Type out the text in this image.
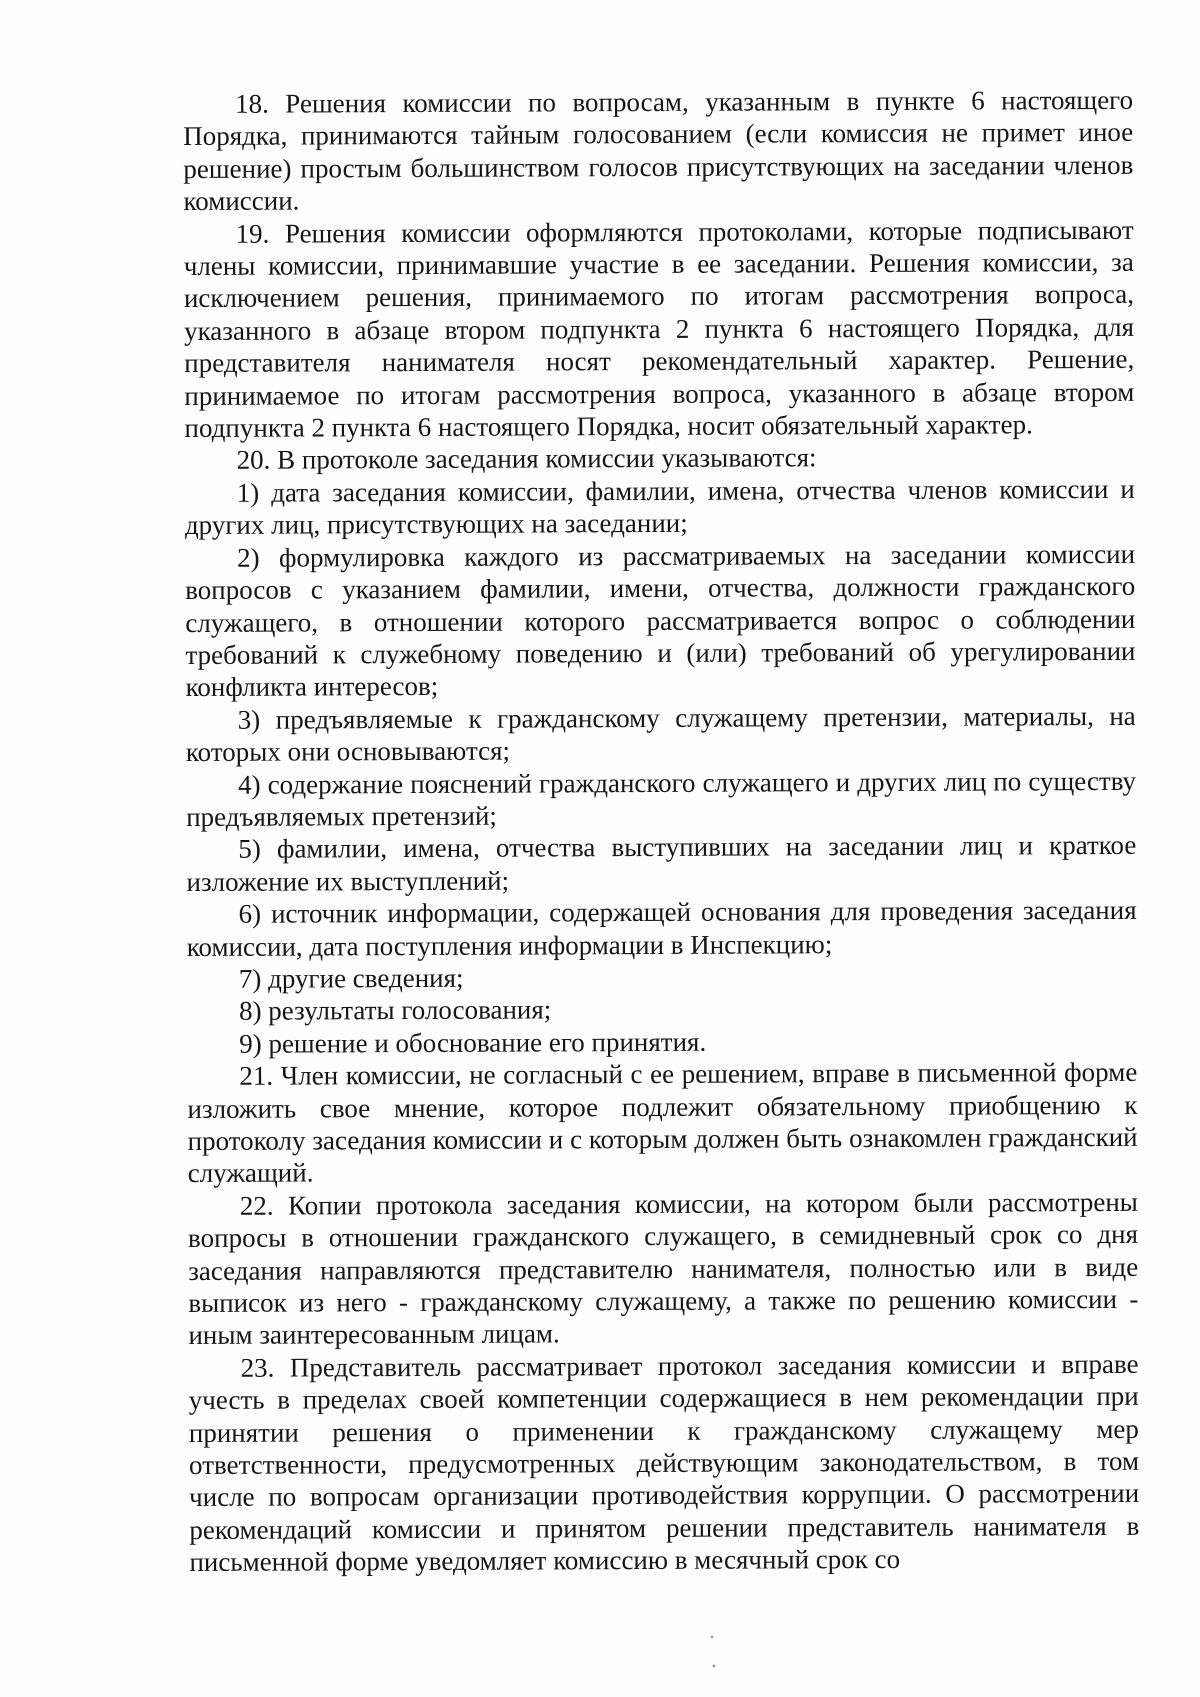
18. Решения комиссии по вопросам, указанным в пункте 6 настоящего Порядка, принимаются тайным голосованием (если комиссия не примет иное решение) простым большинством голосов присутствующих на заседании членов комиссии.

19. Решения комиссии оформляются протоколами, которые подписывают члены комиссии, принимавшие участие в ее заседании. Решения комиссии, за исключением решения, принимаемого по итогам рассмотрения вопроса, указанного в абзаце втором подпункта 2 пункта 6 настоящего Порядка, для представителя нанимателя носят рекомендательный характер. Решение, принимаемое по итогам рассмотрения вопроса, указанного в абзаце втором подпункта 2 пункта 6 настоящего Порядка, носит обязательный характер.

20. В протоколе заседания комиссии указываются:

1) дата заседания комиссии, фамилии, имена, отчества членов комиссии и других лиц, присутствующих на заседании;

2) формулировка каждого из рассматриваемых на заседании комиссии вопросов с указанием фамилии, имени, отчества, должности гражданского служащего, в отношении которого рассматривается вопрос о соблюдении требований к служебному поведению и (или) требований об урегулировании конфликта интересов;

3) предъявляемые к гражданскому служащему претензии, материалы, на которых они основываются;

4) содержание пояснений гражданского служащего и других лиц по существу предъявляемых претензий;

5) фамилии, имена, отчества выступивших на заседании лиц и краткое изложение их выступлений;

6) источник информации, содержащей основания для проведения заседания комиссии, дата поступления информации в Инспекцию;

7) другие сведения;

8) результаты голосования;

9) решение и обоснование его принятия.

21. Член комиссии, не согласный с ее решением, вправе в письменной форме изложить свое мнение, которое подлежит обязательному приобщению к протоколу заседания комиссии и с которым должен быть ознакомлен гражданский служащий.

22. Копии протокола заседания комиссии, на котором были рассмотрены вопросы в отношении гражданского служащего, в семидневный срок со дня заседания направляются представителю нанимателя, полностью или в виде выписок из него - гражданскому служащему, а также по решению комиссии - иным заинтересованным лицам.

23. Представитель рассматривает протокол заседания комиссии и вправе учесть в пределах своей компетенции содержащиеся в нем рекомендации при принятии решения о применении к гражданскому служащему мер ответственности, предусмотренных действующим законодательством, в том числе по вопросам организации противодействия коррупции. О рассмотрении рекомендаций комиссии и принятом решении представитель нанимателя в письменной форме уведомляет комиссию в месячный срок со
